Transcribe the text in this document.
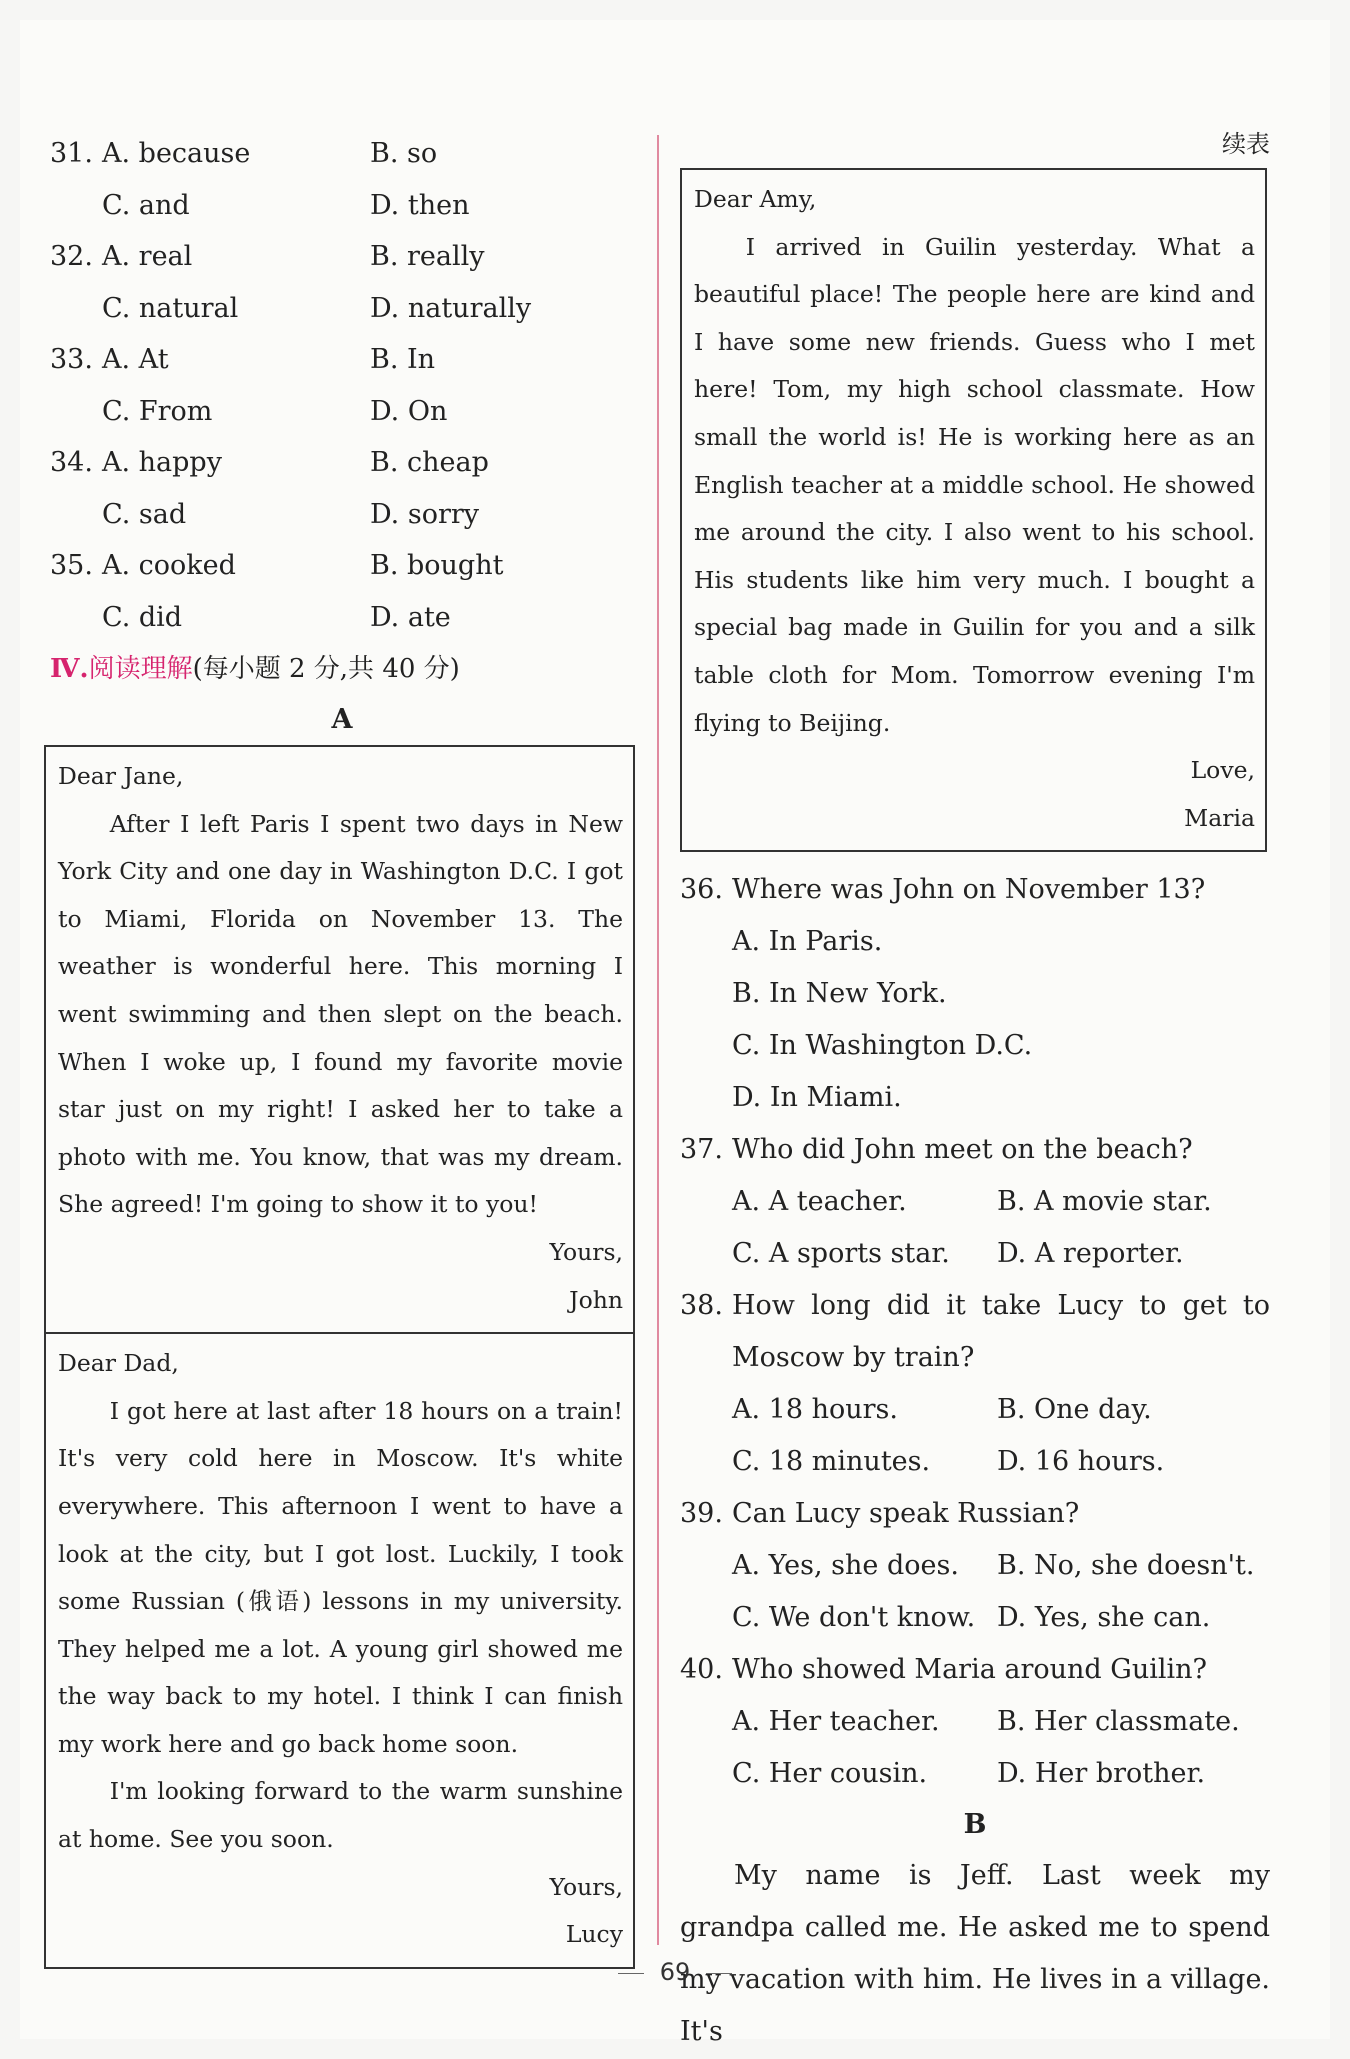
31. A. because	B. so
C. and	D. then
32. A. real	B. really
C. natural	D. naturally
33. A. At	B. In
C. From	D. On
34. A. happy	B. cheap
C. sad	D. sorry
35. A. cooked	B. bought
C. did	D. ate
Ⅳ.阅读理解(每小题 2 分,共 40 分)
A

Dear Jane,

After I left Paris I spent two days in New York City and one day in Washington D.C. I got to Miami, Florida on November 13. The weather is wonderful here. This morning I went swimming and then slept on the beach. When I woke up, I found my favorite movie star just on my right! I asked her to take a photo with me. You know, that was my dream. She agreed! I'm going to show it to you!

Yours,

John

Dear Dad,

I got here at last after 18 hours on a train! It's very cold here in Moscow. It's white everywhere. This afternoon I went to have a look at the city, but I got lost. Luckily, I took some Russian (俄语) lessons in my university. They helped me a lot. A young girl showed me the way back to my hotel. I think I can finish my work here and go back home soon.

I'm looking forward to the warm sunshine at home. See you soon.

Yours,

Lucy

续表

Dear Amy,

I arrived in Guilin yesterday. What a beautiful place! The people here are kind and I have some new friends. Guess who I met here! Tom, my high school classmate. How small the world is! He is working here as an English teacher at a middle school. He showed me around the city. I also went to his school. His students like him very much. I bought a special bag made in Guilin for you and a silk table cloth for Mom. Tomorrow evening I'm flying to Beijing.

Love,

Maria

36. Where was John on November 13?
A. In Paris.
B. In New York.
C. In Washington D.C.
D. In Miami.
37. Who did John meet on the beach?
A. A teacher.	B. A movie star.
C. A sports star.	D. A reporter.
38. How long did it take Lucy to get to Moscow by train?
A. 18 hours.	B. One day.
C. 18 minutes.	D. 16 hours.
39. Can Lucy speak Russian?
A. Yes, she does.	B. No, she doesn't.
C. We don't know. D. Yes, she can.
40. Who showed Maria around Guilin?
A. Her teacher.	B. Her classmate.
C. Her cousin.	D. Her brother.
B

My name is Jeff. Last week my grandpa called me. He asked me to spend my vacation with him. He lives in a village. It's

69
